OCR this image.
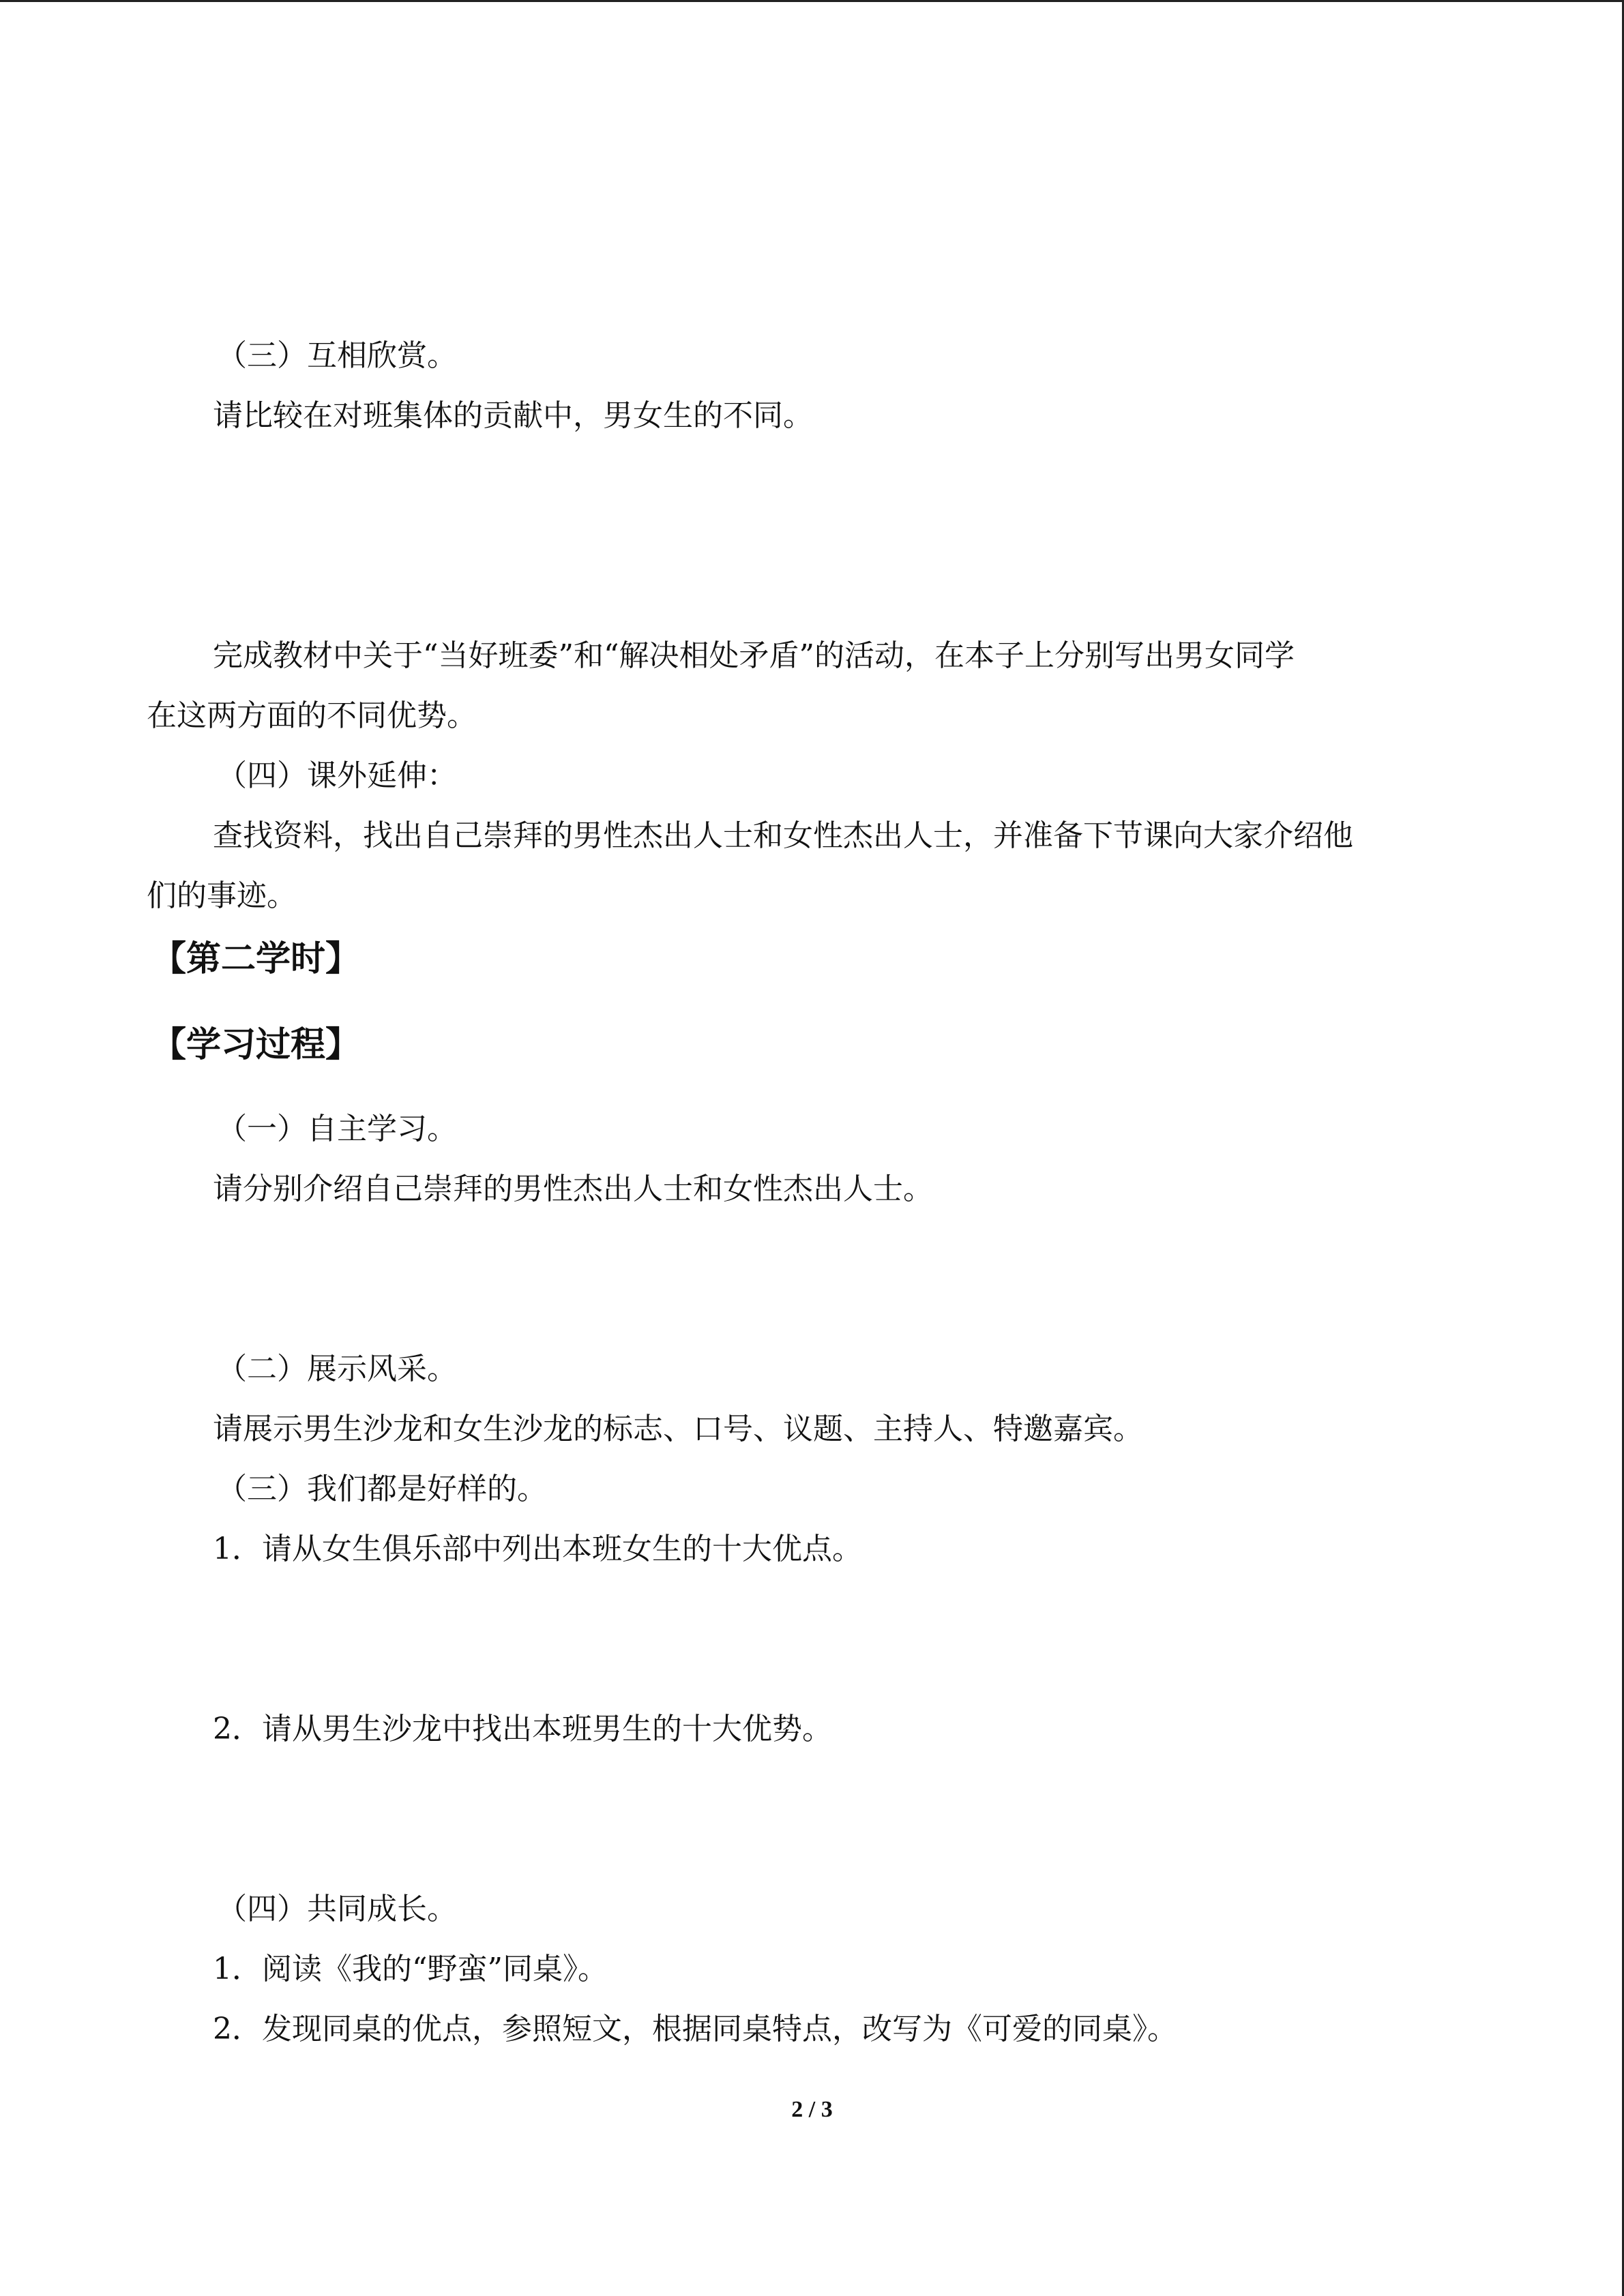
（三）互相欣赏。
请比较在对班集体的贡献中，男女生的不同。
完成教材中关于“当好班委”和“解决相处矛盾”的活动，在本子上分别写出男女同学
在这两方面的不同优势。
（四）课外延伸：
查找资料，找出自己崇拜的男性杰出人士和女性杰出人士，并准备下节课向大家介绍他
们的事迹。
【第二学时】
【学习过程】
（一）自主学习。
请分别介绍自己崇拜的男性杰出人士和女性杰出人士。
（二）展示风采。
请展示男生沙龙和女生沙龙的标志、口号、议题、主持人、特邀嘉宾。
（三）我们都是好样的。
1．请从女生俱乐部中列出本班女生的十大优点。
2．请从男生沙龙中找出本班男生的十大优势。
（四）共同成长。
1．阅读《我的“野蛮”同桌》。
2．发现同桌的优点，参照短文，根据同桌特点，改写为《可爱的同桌》。
2 / 3
